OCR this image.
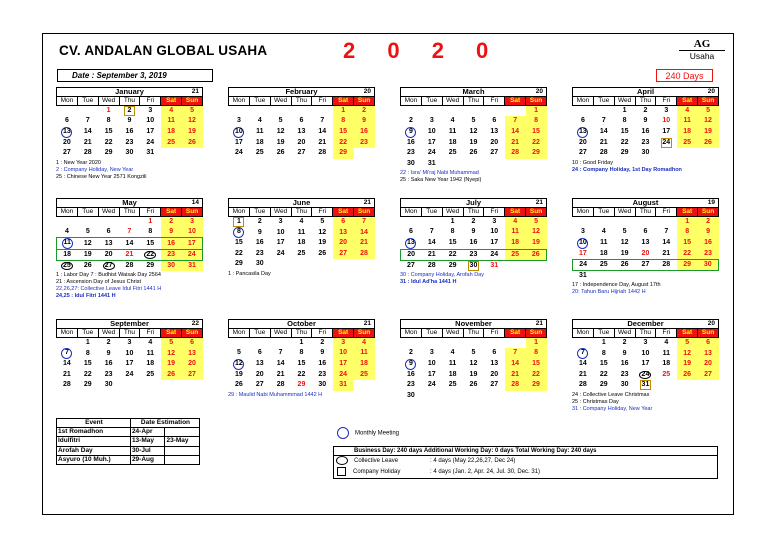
CV. ANDALAN GLOBAL USAHA	2 0 2 0	AG
Usaha
Date : September 3, 2019	240 Days
January	21
Mon	Tue	Wed	Thu	Fri	Sat	Sun
		1	2	3	4	5
6	7	8	9	10	11	12
13	14	15	16	17	18	19
20	21	22	23	24	25	26
27	28	29	30	31		
1 : New Year 2020
2 : Company Holiday, New Year
25 : Chinese New Year 2571 Kongzili
February	20
Mon	Tue	Wed	Thu	Fri	Sat	Sun
					1	2
3	4	5	6	7	8	9
10	11	12	13	14	15	16
17	18	19	20	21	22	23
24	25	26	27	28	29	
March	20
Mon	Tue	Wed	Thu	Fri	Sat	Sun
						1
2	3	4	5	6	7	8
9	10	11	12	13	14	15
16	17	18	19	20	21	22
23	24	25	26	27	28	29
30	31					
22 : Isra' Mi'raj Nabi Muhammad
25 : Saka New Year 1942 (Nyepi)
April	20
Mon	Tue	Wed	Thu	Fri	Sat	Sun
		1	2	3	4	5
6	7	8	9	10	11	12
13	14	15	16	17	18	19
20	21	22	23	24	25	26
27	28	29	30			
10 : Good Friday
24 : Company Holiday, 1st Day Romadhon
May	14
Mon	Tue	Wed	Thu	Fri	Sat	Sun
				1	2	3
4	5	6	7	8	9	10
11	12	13	14	15	16	17
18	19	20	21	22	23	24
25	26	27	28	29	30	31
1 : Labor Day 7 : Budhist Waisak Day 2564
21 : Ascension Day of Jesus Christ
22,26,27: Collective Leave Idul Fitri 1441 H
24,25 : Idul Fitri 1441 H
June	21
Mon	Tue	Wed	Thu	Fri	Sat	Sun
1	2	3	4	5	6	7
8	9	10	11	12	13	14
15	16	17	18	19	20	21
22	23	24	25	26	27	28
29	30					
1 : Pancasila Day
July	21
Mon	Tue	Wed	Thu	Fri	Sat	Sun
		1	2	3	4	5
6	7	8	9	10	11	12
13	14	15	16	17	18	19
20	21	22	23	24	25	26
27	28	29	30	31		
30 : Company Holiday, Arofah Day
31 : Idul Ad'ha 1441 H
August	19
Mon	Tue	Wed	Thu	Fri	Sat	Sun
					1	2
3	4	5	6	7	8	9
10	11	12	13	14	15	16
17	18	19	20	21	22	23
24	25	26	27	28	29	30
31						
17 : Independence Day, August 17th
20: Tahun Baru Hijriah 1442 H
September	22
Mon	Tue	Wed	Thu	Fri	Sat	Sun
	1	2	3	4	5	6
7	8	9	10	11	12	13
14	15	16	17	18	19	20
21	22	23	24	25	26	27
28	29	30				
October	21
Mon	Tue	Wed	Thu	Fri	Sat	Sun
			1	2	3	4
5	6	7	8	9	10	11
12	13	14	15	16	17	18
19	20	21	22	23	24	25
26	27	28	29	30	31	
29 : Maulid Nabi Muhammmad 1442 H
November	21
Mon	Tue	Wed	Thu	Fri	Sat	Sun
						1
2	3	4	5	6	7	8
9	10	11	12	13	14	15
16	17	18	19	20	21	22
23	24	25	26	27	28	29
30						
December	20
Mon	Tue	Wed	Thu	Fri	Sat	Sun
	1	2	3	4	5	6
7	8	9	10	11	12	13
14	15	16	17	18	19	20
21	22	23	24	25	26	27
28	29	30	31			
24 : Collective Leave Christmas
25 : Christmas Day
31 : Company Holiday, New Year
Event	Date Estimation	
1st Romadhon	24-Apr	
Idulfitri	13-May	23-May
Arofah Day	30-Jul	
Asyuro (10 Muh.)	29-Aug	
Monthly Meeting
Business Day: 240 days Additional Working Day: 0 days Total Working Day: 240 days
Collective Leave	: 4 days (May 22,26,27, Dec 24)
Company Holiday	: 4 days (Jan. 2, Apr. 24, Jul. 30, Dec. 31)
